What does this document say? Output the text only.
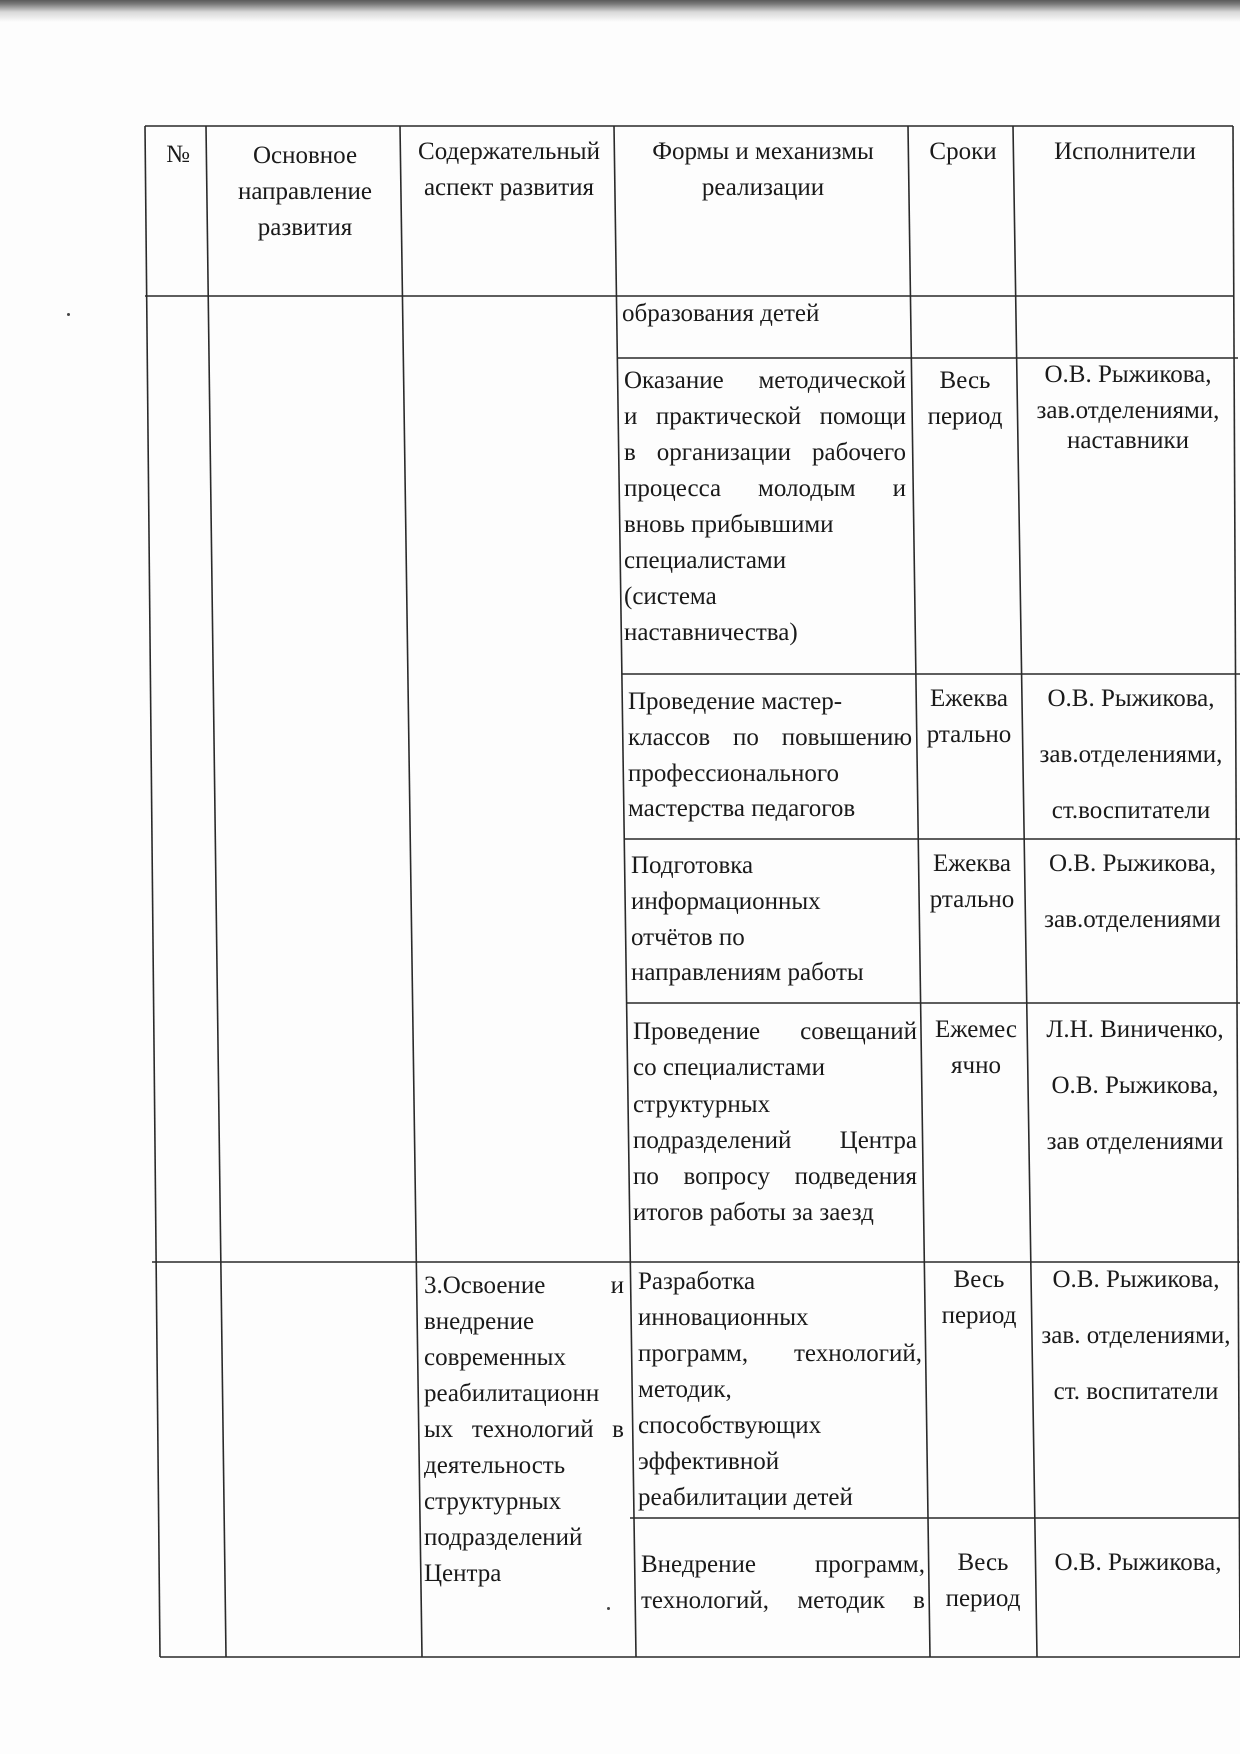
№	Основное
направление
развития
Содержательный
аспект развития
Формы и механизмы
реализации
Сроки	Исполнители
образования детей
Оказание методической
и практической помощи
в организации рабочего
процесса молодым и
вновь прибывшими
специалистами
(система
наставничества)
Весь
период
О.В. Рыжикова,
зав.отделениями,
наставники
Проведение мастер-
классов по повышению
профессионального
мастерства педагогов
Ежеква
ртально
О.В. Рыжикова,
зав.отделениями,
ст.воспитатели
Подготовка
информационных
отчётов по
направлениям работы
Ежеква
ртально
О.В. Рыжикова,
зав.отделениями
Проведение совещаний
со специалистами
структурных
подразделений Центра
по вопросу подведения
итогов работы за заезд
Ежемес
ячно
Л.Н. Виниченко,
О.В. Рыжикова,
зав отделениями
3.Освоение и
внедрение
современных
реабилитационн
ых технологий в
деятельность
структурных
подразделений
Центра
Разработка
инновационных
программ, технологий,
методик,
способствующих
эффективной
реабилитации детей
Весь
период
О.В. Рыжикова,
зав. отделениями,
ст. воспитатели
Внедрение программ,
технологий, методик в
Весь
период
О.В. Рыжикова,
